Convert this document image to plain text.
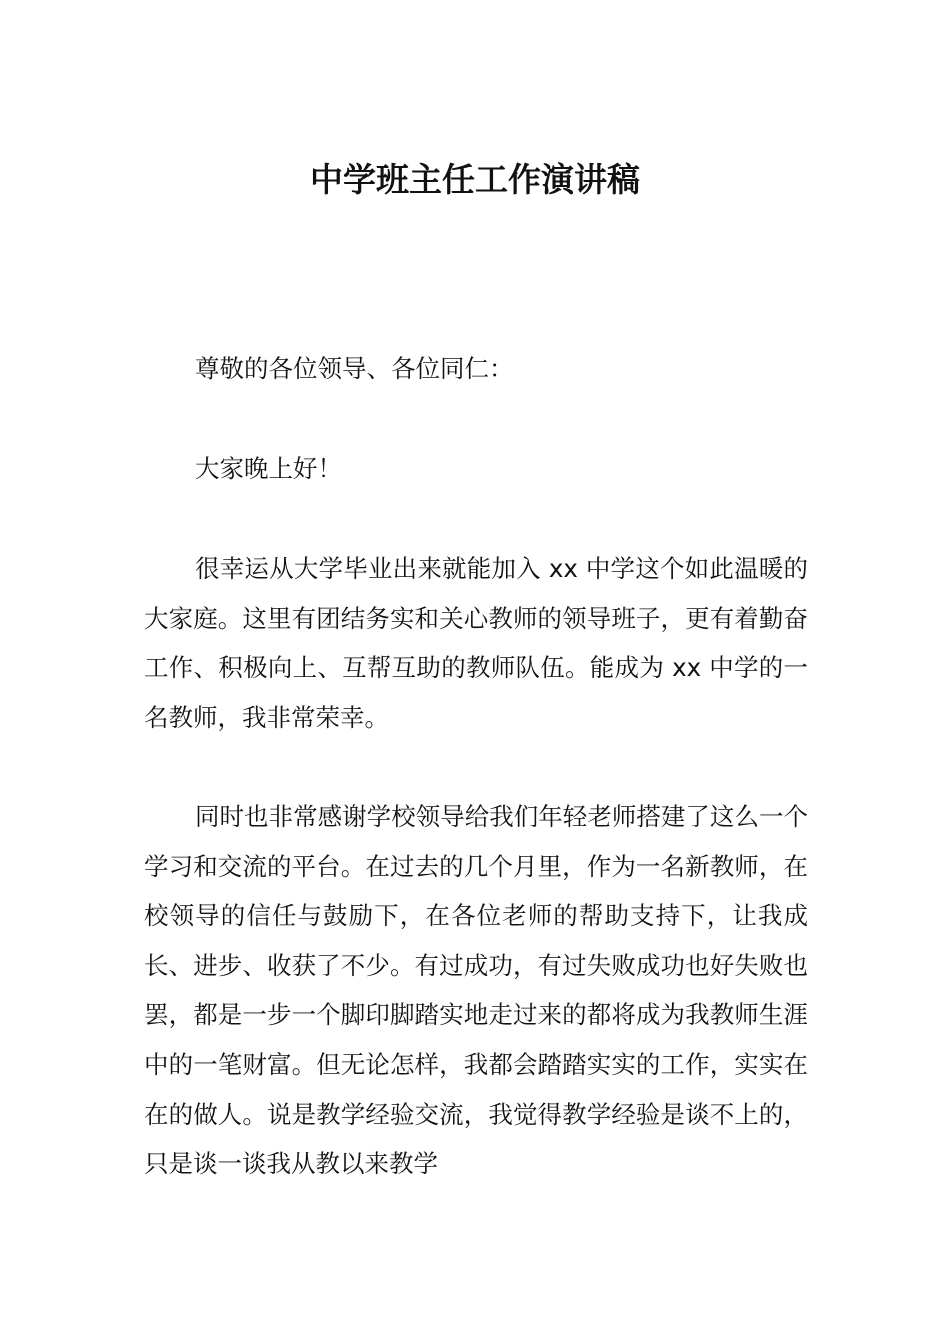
中学班主任工作演讲稿

尊敬的各位领导、各位同仁：

大家晚上好！

很幸运从大学毕业出来就能加入 xx 中学这个如此温暖的大家庭。这里有团结务实和关心教师的领导班子，更有着勤奋工作、积极向上、互帮互助的教师队伍。能成为 xx 中学的一名教师，我非常荣幸。

同时也非常感谢学校领导给我们年轻老师搭建了这么一个学习和交流的平台。在过去的几个月里，作为一名新教师，在校领导的信任与鼓励下，在各位老师的帮助支持下，让我成长、进步、收获了不少。有过成功，有过失败成功也好失败也罢，都是一步一个脚印脚踏实地走过来的都将成为我教师生涯中的一笔财富。但无论怎样，我都会踏踏实实的工作，实实在在的做人。说是教学经验交流，我觉得教学经验是谈不上的，只是谈一谈我从教以来教学
